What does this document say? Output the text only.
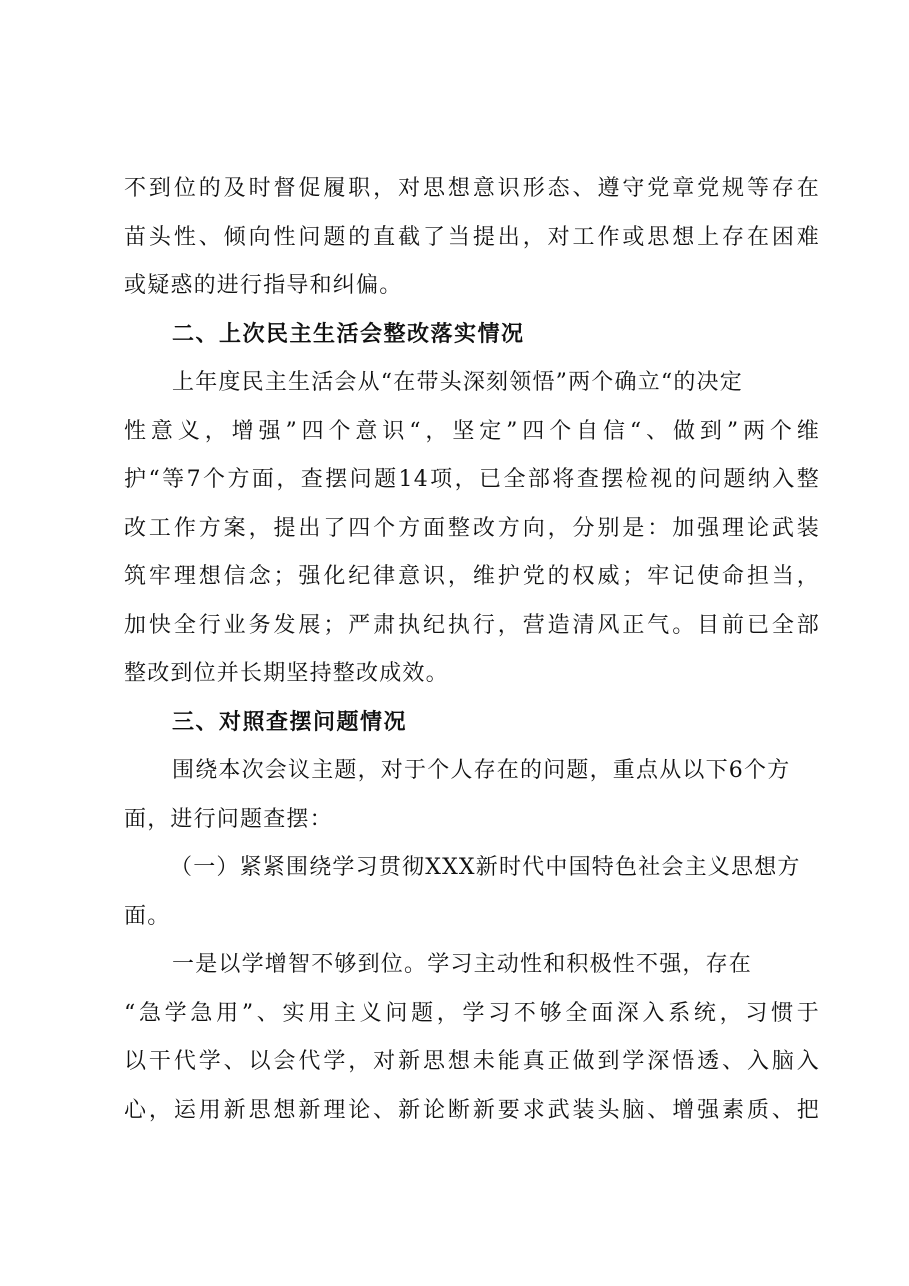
不到位的及时督促履职，对思想意识形态、遵守党章党规等存在
苗头性、倾向性问题的直截了当提出，对工作或思想上存在困难
或疑惑的进行指导和纠偏。
二、上次民主生活会整改落实情况
上年度民主生活会从“在带头深刻领悟”两个确立“的决定
性意义，增强”四个意识“，坚定”四个自信“、做到”两个维
护“等7个方面，查摆问题14项，已全部将查摆检视的问题纳入整
改工作方案，提出了四个方面整改方向，分别是：加强理论武装
筑牢理想信念；强化纪律意识，维护党的权威；牢记使命担当，
加快全行业务发展；严肃执纪执行，营造清风正气。目前已全部
整改到位并长期坚持整改成效。
三、对照查摆问题情况
围绕本次会议主题，对于个人存在的问题，重点从以下6个方
面，进行问题查摆：
（一）紧紧围绕学习贯彻XXX新时代中国特色社会主义思想方
面。
一是以学增智不够到位。学习主动性和积极性不强，存在
“急学急用”、实用主义问题，学习不够全面深入系统，习惯于
以干代学、以会代学，对新思想未能真正做到学深悟透、入脑入
心，运用新思想新理论、新论断新要求武装头脑、增强素质、把
